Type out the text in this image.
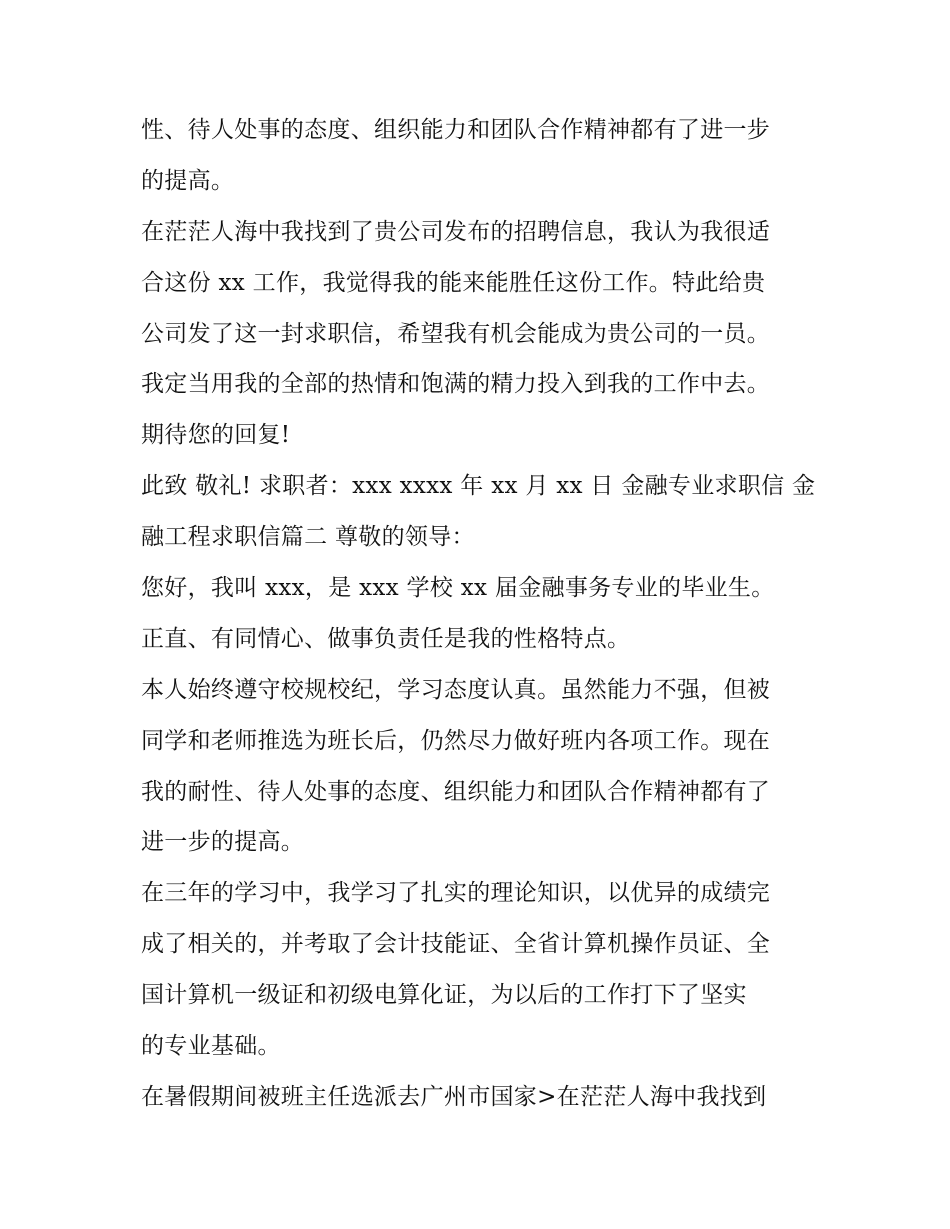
性、待人处事的态度、组织能力和团队合作精神都有了进一步
的提高。
在茫茫人海中我找到了贵公司发布的招聘信息，我认为我很适
合这份 xx 工作，我觉得我的能来能胜任这份工作。特此给贵
公司发了这一封求职信，希望我有机会能成为贵公司的一员。
我定当用我的全部的热情和饱满的精力投入到我的工作中去。
期待您的回复!
此致 敬礼! 求职者：xxx xxxx 年 xx 月 xx 日 金融专业求职信 金
融工程求职信篇二 尊敬的领导：
您好，我叫 xxx，是 xxx 学校 xx 届金融事务专业的毕业生。
正直、有同情心、做事负责任是我的性格特点。
本人始终遵守校规校纪，学习态度认真。虽然能力不强，但被
同学和老师推选为班长后，仍然尽力做好班内各项工作。现在
我的耐性、待人处事的态度、组织能力和团队合作精神都有了
进一步的提高。
在三年的学习中，我学习了扎实的理论知识，以优异的成绩完
成了相关的，并考取了会计技能证、全省计算机操作员证、全
国计算机一级证和初级电算化证，为以后的工作打下了坚实
的专业基础。
在暑假期间被班主任选派去广州市国家>在茫茫人海中我找到
